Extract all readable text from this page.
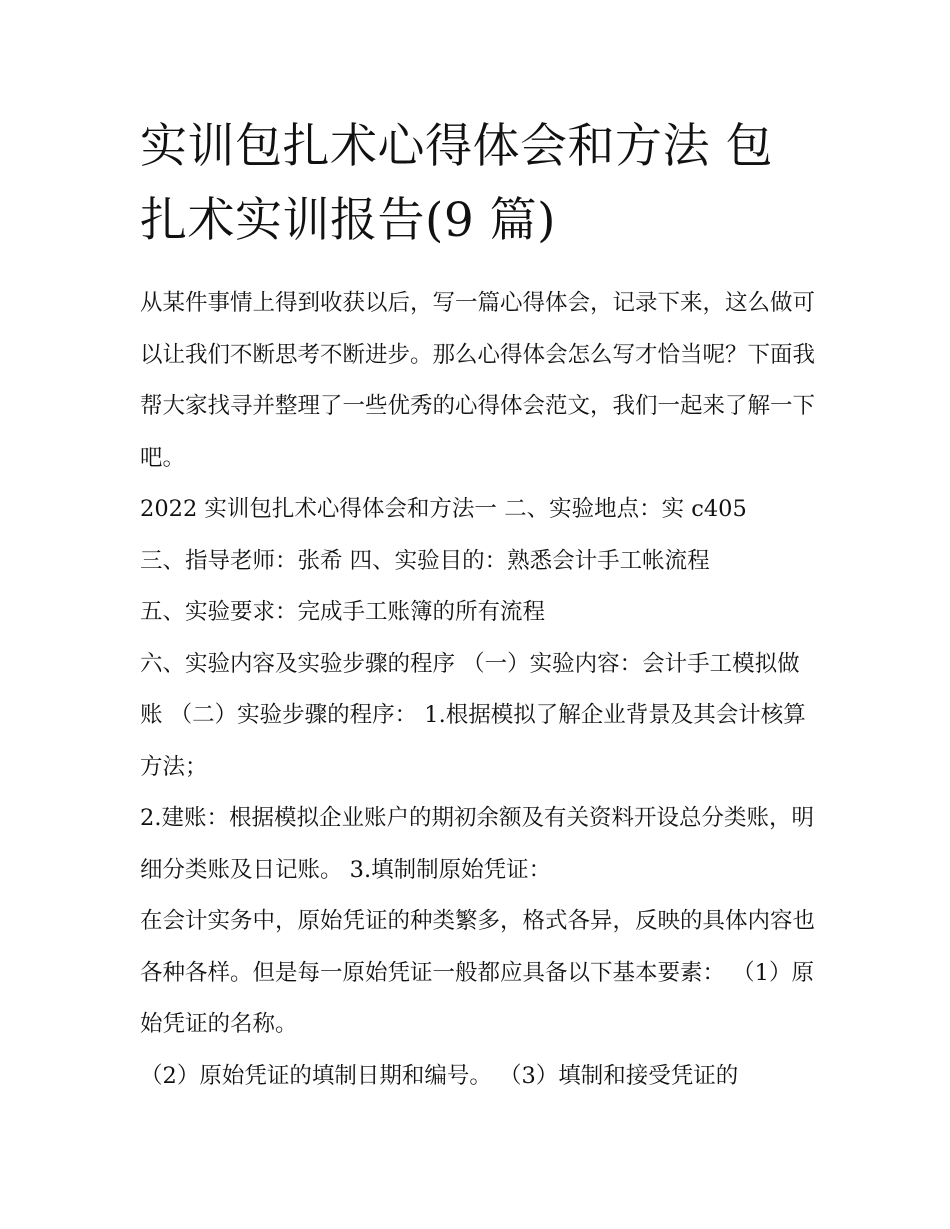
实训包扎术心得体会和方法 包
扎术实训报告(9 篇)

从某件事情上得到收获以后，写一篇心得体会，记录下来，这么做可以让我们不断思考不断进步。那么心得体会怎么写才恰当呢？下面我帮大家找寻并整理了一些优秀的心得体会范文，我们一起来了解一下吧。

2022 实训包扎术心得体会和方法一 二、实验地点：实 c405

三、指导老师：张希 四、实验目的：熟悉会计手工帐流程

五、实验要求：完成手工账簿的所有流程

六、实验内容及实验步骤的程序 （一）实验内容：会计手工模拟做账 （二）实验步骤的程序： 1.根据模拟了解企业背景及其会计核算方法；

2.建账：根据模拟企业账户的期初余额及有关资料开设总分类账，明细分类账及日记账。 3.填制制原始凭证：

在会计实务中，原始凭证的种类繁多，格式各异，反映的具体内容也各种各样。但是每一原始凭证一般都应具备以下基本要素： （1）原始凭证的名称。

（2）原始凭证的填制日期和编号。 （3）填制和接受凭证的
